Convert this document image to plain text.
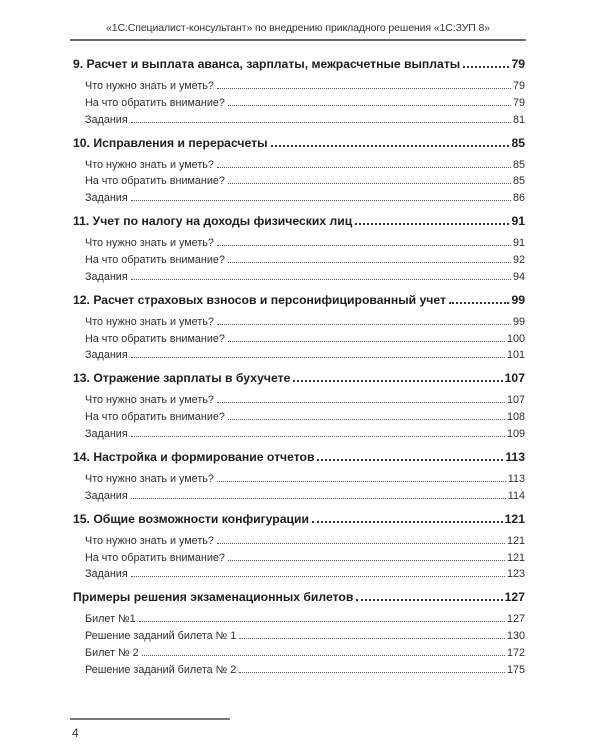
«1С:Специалист-консультант» по внедрению прикладного решения «1С:ЗУП 8»
9. Расчет и выплата аванса, зарплаты, межрасчетные выплаты	79
Что нужно знать и уметь?	79
На что обратить внимание?	79
Задания	81
10. Исправления и перерасчеты	85
Что нужно знать и уметь?	85
На что обратить внимание?	85
Задания	86
11. Учет по налогу на доходы физических лиц	91
Что нужно знать и уметь?	91
На что обратить внимание?	92
Задания	94
12. Расчет страховых взносов и персонифицированный учет	99
Что нужно знать и уметь?	99
На что обратить внимание?	100
Задания	101
13. Отражение зарплаты в бухучете	107
Что нужно знать и уметь?	107
На что обратить внимание?	108
Задания	109
14. Настройка и формирование отчетов	113
Что нужно знать и уметь?	113
Задания	114
15. Общие возможности конфигурации	121
Что нужно знать и уметь?	121
На что обратить внимание?	121
Задания	123
Примеры решения экзаменационных билетов	127
Билет №1	127
Решение заданий билета № 1	130
Билет № 2	172
Решение заданий билета № 2	175
4
